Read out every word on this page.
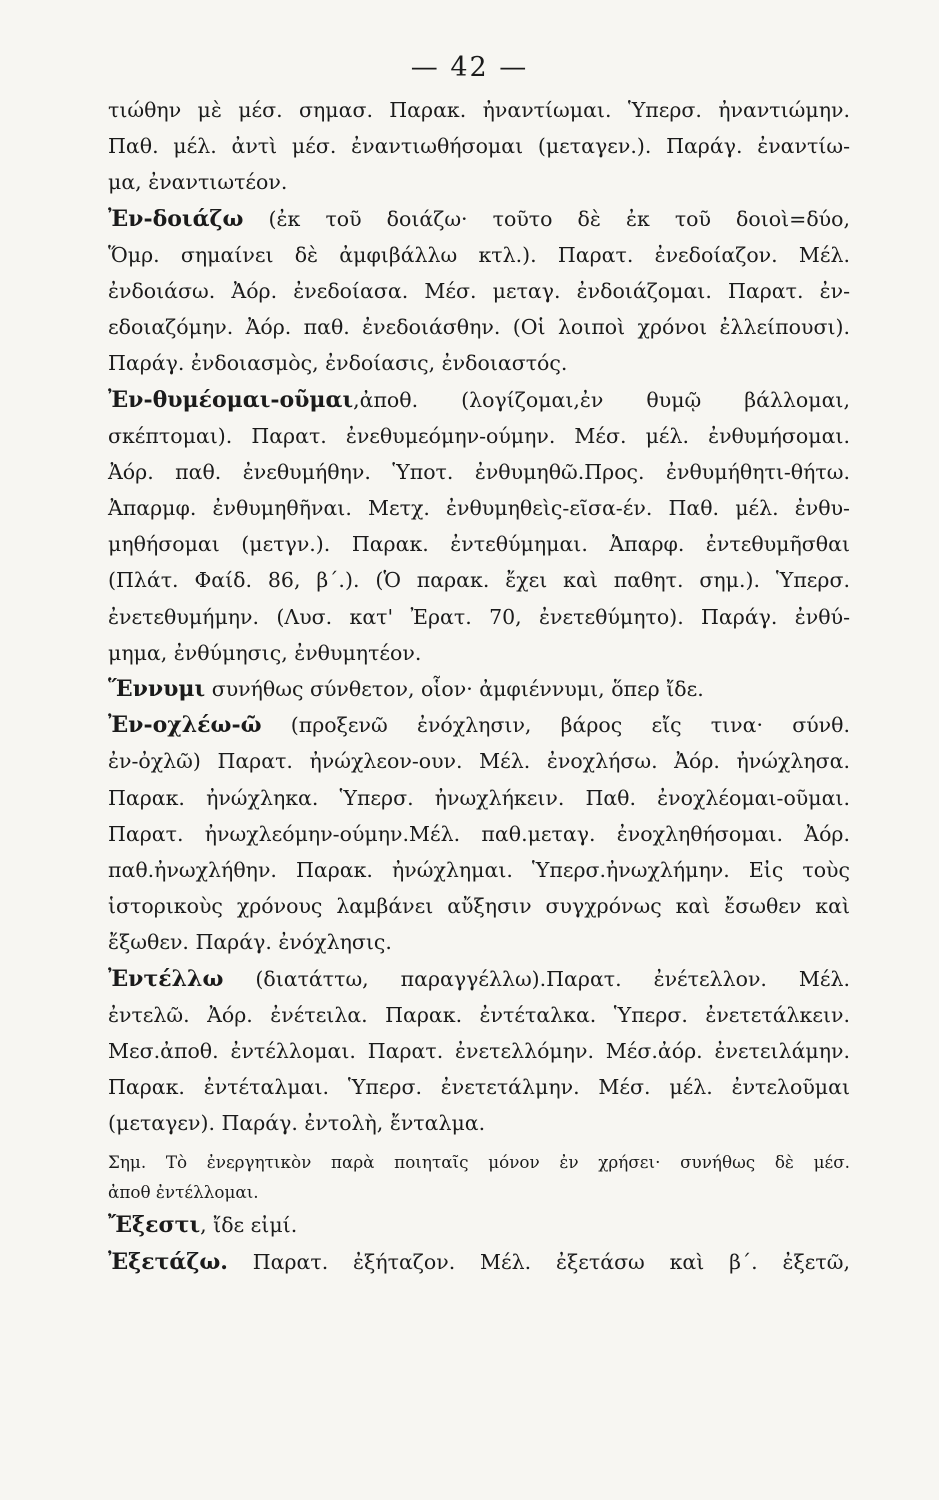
— 42 —
τιώθην μὲ μέσ. σημασ. Παρακ. ἠναντίωμαι. Ὑπερσ. ἠναντιώμην.
Παθ. μέλ. ἀντὶ μέσ. ἐναντιωθήσομαι (μεταγεν.). Παράγ. ἐναντίω-
μα, ἐναντιωτέον.
Ἐν-δοιάζω (ἐκ τοῦ δοιάζω· τοῦτο δὲ ἐκ τοῦ δοιοὶ=δύο,
Ὅμρ. σημαίνει δὲ ἀμφιβάλλω κτλ.). Παρατ. ἐνεδοίαζον. Μέλ.
ἐνδοιάσω. Ἀόρ. ἐνεδοίασα. Μέσ. μεταγ. ἐνδοιάζομαι. Παρατ. ἐν-
εδοιαζόμην. Ἀόρ. παθ. ἐνεδοιάσθην. (Οἱ λοιποὶ χρόνοι ἐλλείπουσι).
Παράγ. ἐνδοιασμὸς, ἐνδοίασις, ἐνδοιαστός.
Ἐν-θυμέομαι-οῦμαι,ἀποθ. (λογίζομαι,ἐν θυμῷ βάλλομαι,
σκέπτομαι). Παρατ. ἐνεθυμεόμην-ούμην. Μέσ. μέλ. ἐνθυμήσομαι.
Ἀόρ. παθ. ἐνεθυμήθην. Ὑποτ. ἐνθυμηθῶ.Προς. ἐνθυμήθητι-θήτω.
Ἀπαρμφ. ἐνθυμηθῆναι. Μετχ. ἐνθυμηθεὶς-εῖσα-έν. Παθ. μέλ. ἐνθυ-
μηθήσομαι (μετγν.). Παρακ. ἐντεθύμημαι. Ἀπαρφ. ἐντεθυμῆσθαι
(Πλάτ. Φαίδ. 86, β΄.). (Ὁ παρακ. ἔχει καὶ παθητ. σημ.). Ὑπερσ.
ἐνετεθυμήμην. (Λυσ. κατ' Ἐρατ. 70, ἐνετεθύμητο). Παράγ. ἐνθύ-
μημα, ἐνθύμησις, ἐνθυμητέον.
Ἕννυμι συνήθως σύνθετον, οἷον· ἀμφιέννυμι, ὅπερ ἴδε.
Ἐν-οχλέω-ῶ (προξενῶ ἐνόχλησιν, βάρος εἴς τινα· σύνθ.
ἐν-ὀχλῶ) Παρατ. ἠνώχλεον-ουν. Μέλ. ἐνοχλήσω. Ἀόρ. ἠνώχλησα.
Παρακ. ἠνώχληκα. Ὑπερσ. ἠνωχλήκειν. Παθ. ἐνοχλέομαι-οῦμαι.
Παρατ. ἠνωχλεόμην-ούμην.Μέλ. παθ.μεταγ. ἐνοχληθήσομαι. Ἀόρ.
παθ.ἠνωχλήθην. Παρακ. ἠνώχλημαι. Ὑπερσ.ἠνωχλήμην. Εἰς τοὺς
ἱστορικοὺς χρόνους λαμβάνει αὔξησιν συγχρόνως καὶ ἔσωθεν καὶ
ἔξωθεν. Παράγ. ἐνόχλησις.
Ἐντέλλω (διατάττω, παραγγέλλω).Παρατ. ἐνέτελλον. Μέλ.
ἐντελῶ. Ἀόρ. ἐνέτειλα. Παρακ. ἐντέταλκα. Ὑπερσ. ἐνετετάλκειν.
Μεσ.ἀποθ. ἐντέλλομαι. Παρατ. ἐνετελλόμην. Μέσ.ἀόρ. ἐνετειλάμην.
Παρακ. ἐντέταλμαι. Ὑπερσ. ἐνετετάλμην. Μέσ. μέλ. ἐντελοῦμαι
(μεταγεν). Παράγ. ἐντολὴ, ἔνταλμα.
Σημ. Τὸ ἐνεργητικὸν παρὰ ποιηταῖς μόνον ἐν χρήσει· συνήθως δὲ μέσ.
ἀποθ ἐντέλλομαι.
Ἔξεστι, ἴδε εἰμί.
Ἐξετάζω. Παρατ. ἐξήταζον. Μέλ. ἐξετάσω καὶ β΄. ἐξετῶ,
